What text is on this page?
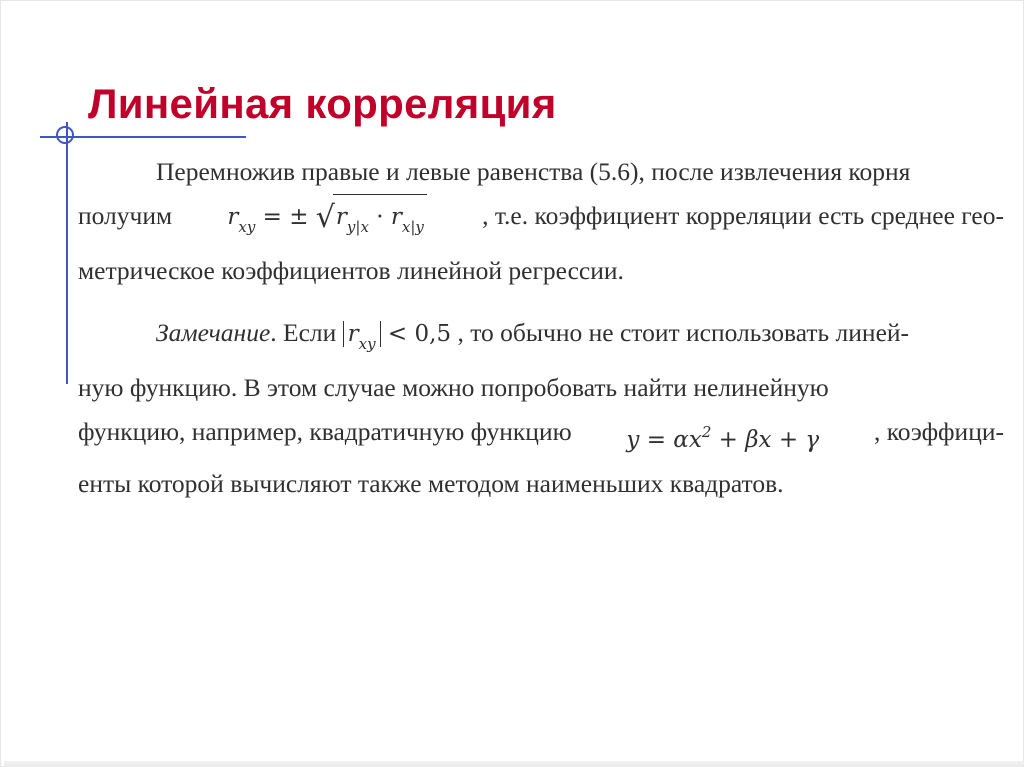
Линейная корреляция

Перемножив правые и левые равенства (5.6), после извлечения корня
получим $r_{xy}$ = ± $√r_{y|x} \cdot r_{x|y}$ , т.е. коэффициент корреляции есть среднее гео-
метрическое коэффициентов линейной регрессии.

Замечание. Если $r_{xy} < 0,5$ , то обычно не стоит использовать линей-
ную функцию. В этом случае можно попробовать найти нелинейную
функцию, например, квадратичную функцию $y = \alpha x^2 + \beta x + \gamma$ , коэффици-
енты которой вычисляют также методом наименьших квадратов.
